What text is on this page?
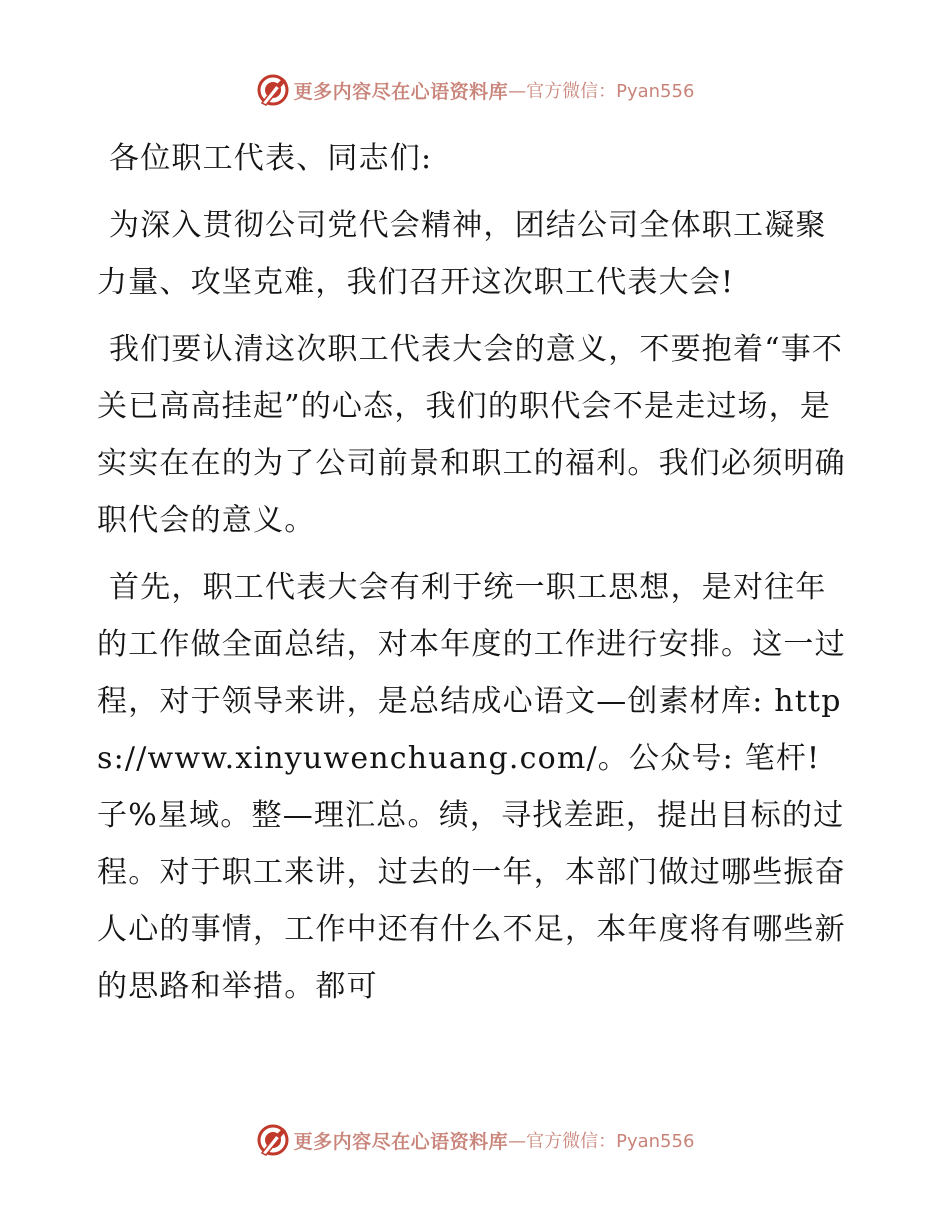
更多内容尽在心语资料库 —官方微信：Pyan556

各位职工代表、同志们:

为深入贯彻公司党代会精神，团结公司全体职工凝聚力量、攻坚克难，我们召开这次职工代表大会!

我们要认清这次职工代表大会的意义，不要抱着“事不关已高高挂起”的心态，我们的职代会不是走过场，是实实在在的为了公司前景和职工的福利。我们必须明确职代会的意义。

首先，职工代表大会有利于统一职工思想，是对往年的工作做全面总结，对本年度的工作进行安排。这一过程，对于领导来讲，是总结成心语文—创素材库: https://www.xinyuwenchuang.com/。公众号: 笔杆! 子%星域。整—理汇总。绩，寻找差距，提出目标的过程。对于职工来讲，过去的一年，本部门做过哪些振奋人心的事情，工作中还有什么不足，本年度将有哪些新的思路和举措。都可

更多内容尽在心语资料库 —官方微信：Pyan556
